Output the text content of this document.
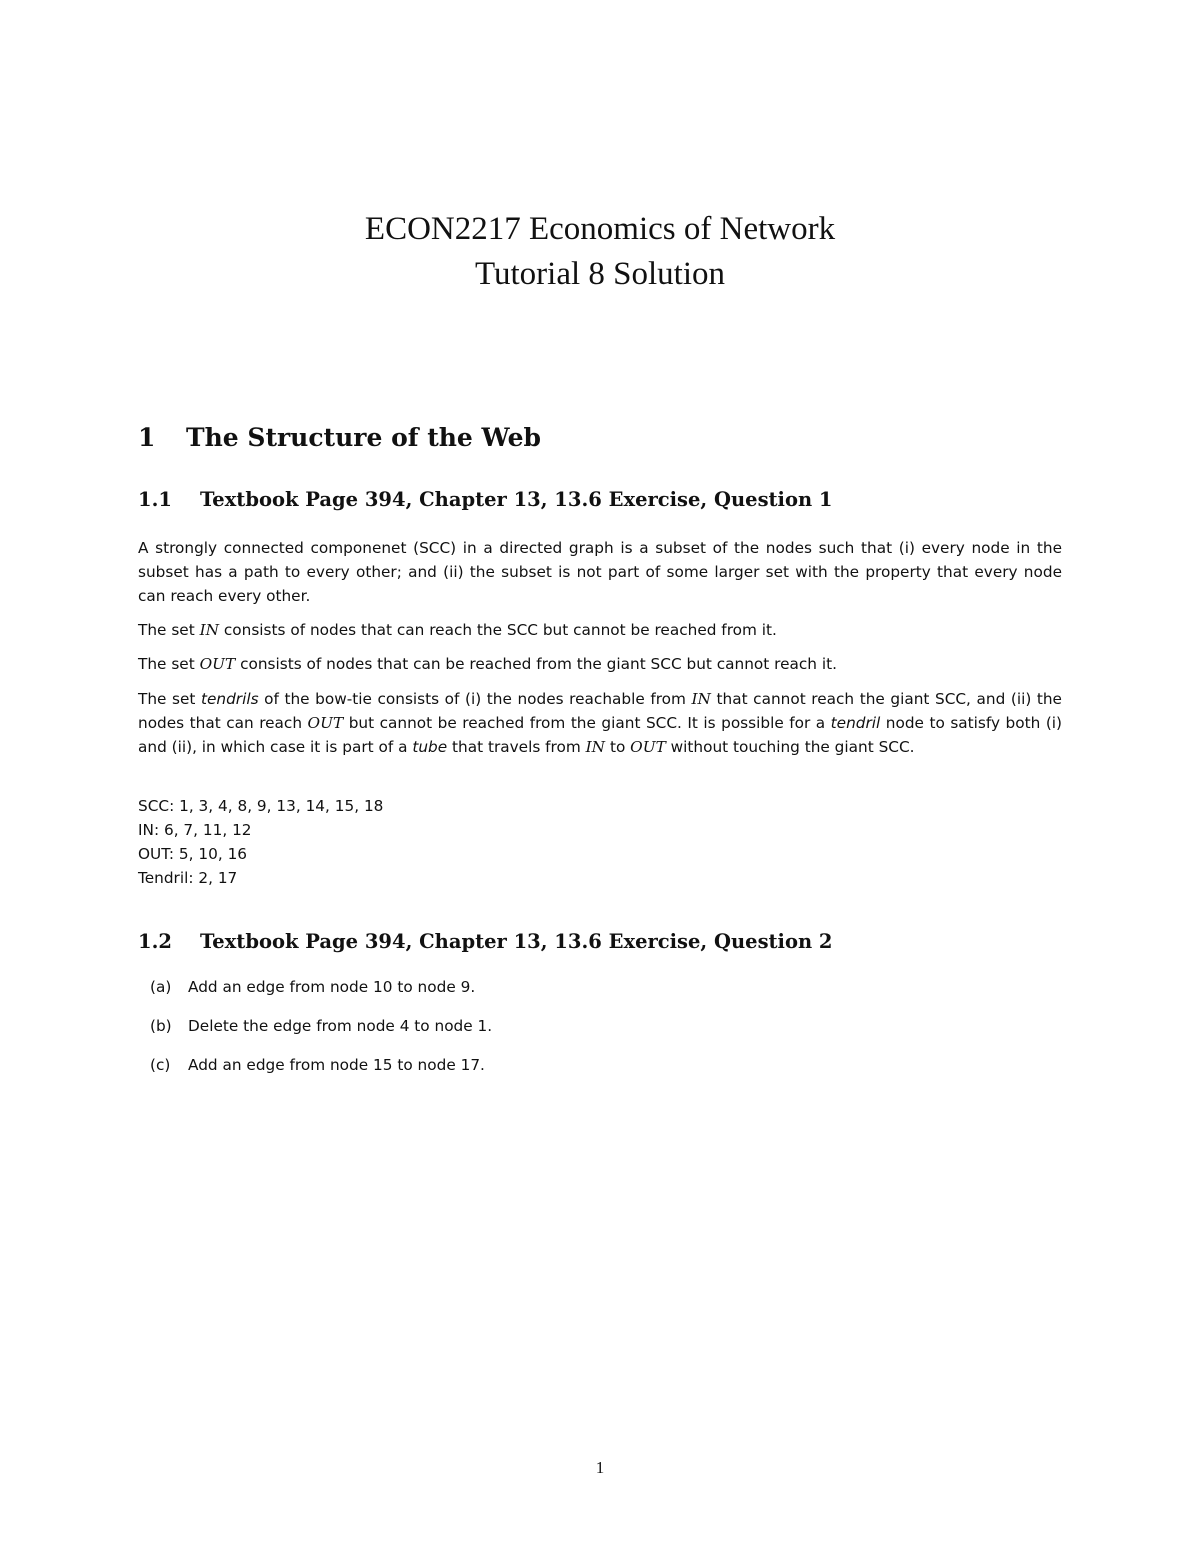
ECON2217 Economics of Network
Tutorial 8 Solution
1 The Structure of the Web
1.1 Textbook Page 394, Chapter 13, 13.6 Exercise, Question 1

A strongly connected componenet (SCC) in a directed graph is a subset of the nodes such that (i) every node in the subset has a path to every other; and (ii) the subset is not part of some larger set with the property that every node can reach every other.

The set IN consists of nodes that can reach the SCC but cannot be reached from it.

The set OUT consists of nodes that can be reached from the giant SCC but cannot reach it.

The set tendrils of the bow-tie consists of (i) the nodes reachable from IN that cannot reach the giant SCC, and (ii) the nodes that can reach OUT but cannot be reached from the giant SCC. It is possible for a tendril node to satisfy both (i) and (ii), in which case it is part of a tube that travels from IN to OUT without touching the giant SCC.

SCC: 1, 3, 4, 8, 9, 13, 14, 15, 18
IN: 6, 7, 11, 12
OUT: 5, 10, 16
Tendril: 2, 17

1.2 Textbook Page 394, Chapter 13, 13.6 Exercise, Question 2
(a) Add an edge from node 10 to node 9.
(b) Delete the edge from node 4 to node 1.
(c) Add an edge from node 15 to node 17.
1
